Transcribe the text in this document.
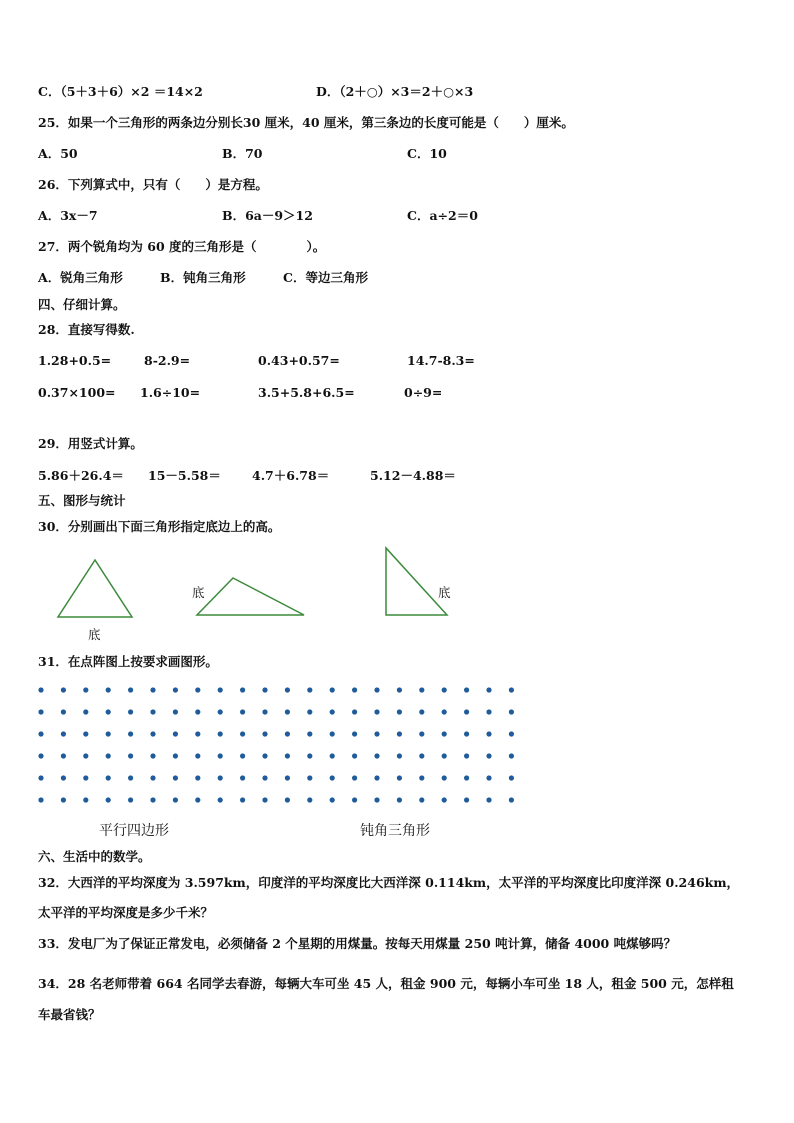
C．（5＋3＋6）×2 ＝14×2	D．（2＋○）×3＝2＋○×3
25．如果一个三角形的两条边分别长30 厘米，40 厘米，第三条边的长度可能是（　　）厘米。
A．50	B．70	C．10
26．下列算式中，只有（　　）是方程。
A．3x－7	B．6a－9＞12	C．a÷2＝0
27．两个锐角均为 60 度的三角形是（　　　　）。
A．锐角三角形	B．钝角三角形	C．等边三角形
四、仔细计算。
28．直接写得数.
1.28+0.5=	8-2.9=	0.43+0.57=	14.7-8.3=
0.37×100= 1.6÷10=	3.5+5.8+6.5=	0÷9=
29．用竖式计算。
5.86＋26.4＝ 15－5.58＝ 4.7＋6.78＝	5.12－4.88＝
五、图形与统计
30．分别画出下面三角形指定底边上的高。
底
底	底
31．在点阵图上按要求画图形。
平行四边形	钝角三角形
六、生活中的数学。
32．大西洋的平均深度为 3.597km，印度洋的平均深度比大西洋深 0.114km，太平洋的平均深度比印度洋深 0.246km，
太平洋的平均深度是多少千米？
33．发电厂为了保证正常发电，必须储备 2 个星期的用煤量。按每天用煤量 250 吨计算，储备 4000 吨煤够吗？
34．28 名老师带着 664 名同学去春游，每辆大车可坐 45 人，租金 900 元，每辆小车可坐 18 人，租金 500 元，怎样租
车最省钱？
